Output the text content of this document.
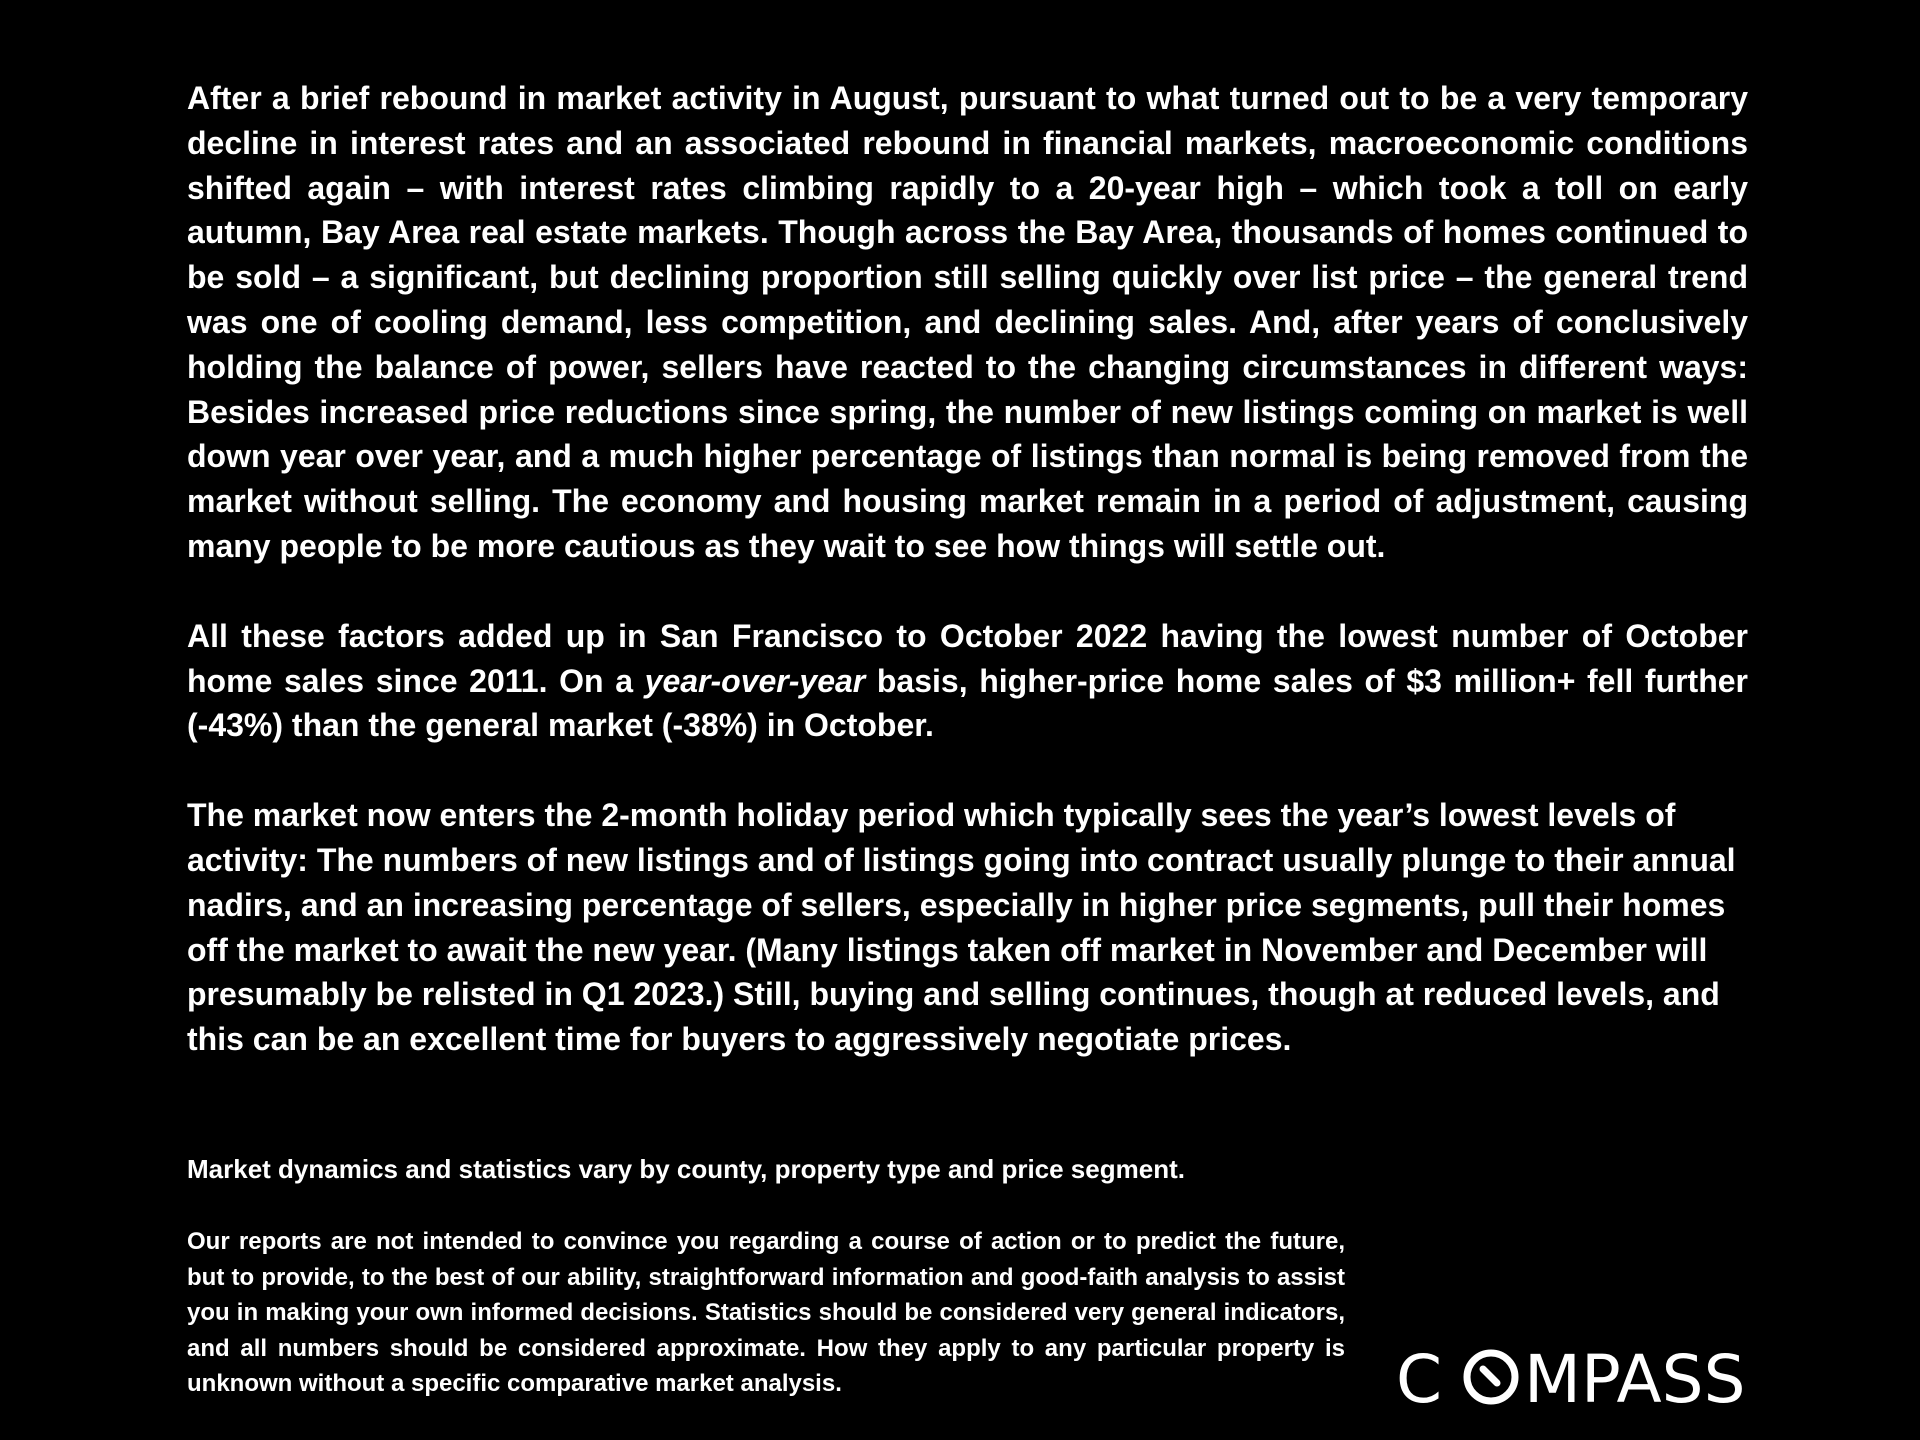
After a brief rebound in market activity in August, pursuant to what turned out to be a very temporary decline in interest rates and an associated rebound in financial markets, macroeconomic conditions shifted again – with interest rates climbing rapidly to a 20-year high – which took a toll on early autumn, Bay Area real estate markets. Though across the Bay Area, thousands of homes continued to be sold – a significant, but declining proportion still selling quickly over list price – the general trend was one of cooling demand, less competition, and declining sales. And, after years of conclusively holding the balance of power, sellers have reacted to the changing circumstances in different ways: Besides increased price reductions since spring, the number of new listings coming on market is well down year over year, and a much higher percentage of listings than normal is being removed from the market without selling. The economy and housing market remain in a period of adjustment, causing many people to be more cautious as they wait to see how things will settle out.

All these factors added up in San Francisco to October 2022 having the lowest number of October home sales since 2011. On a year-over-year basis, higher-price home sales of $3 million+ fell further (-43%) than the general market (-38%) in October.

The market now enters the 2-month holiday period which typically sees the year’s lowest levels of activity: The numbers of new listings and of listings going into contract usually plunge to their annual nadirs, and an increasing percentage of sellers, especially in higher price segments, pull their homes off the market to await the new year. (Many listings taken off market in November and December will presumably be relisted in Q1 2023.) Still, buying and selling continues, though at reduced levels, and this can be an excellent time for buyers to aggressively negotiate prices.

Market dynamics and statistics vary by county, property type and price segment.

Our reports are not intended to convince you regarding a course of action or to predict the future, but to provide, to the best of our ability, straightforward information and good-faith analysis to assist you in making your own informed decisions. Statistics should be considered very general indicators, and all numbers should be considered approximate. How they apply to any particular property is unknown without a specific comparative market analysis.	C MPASS
